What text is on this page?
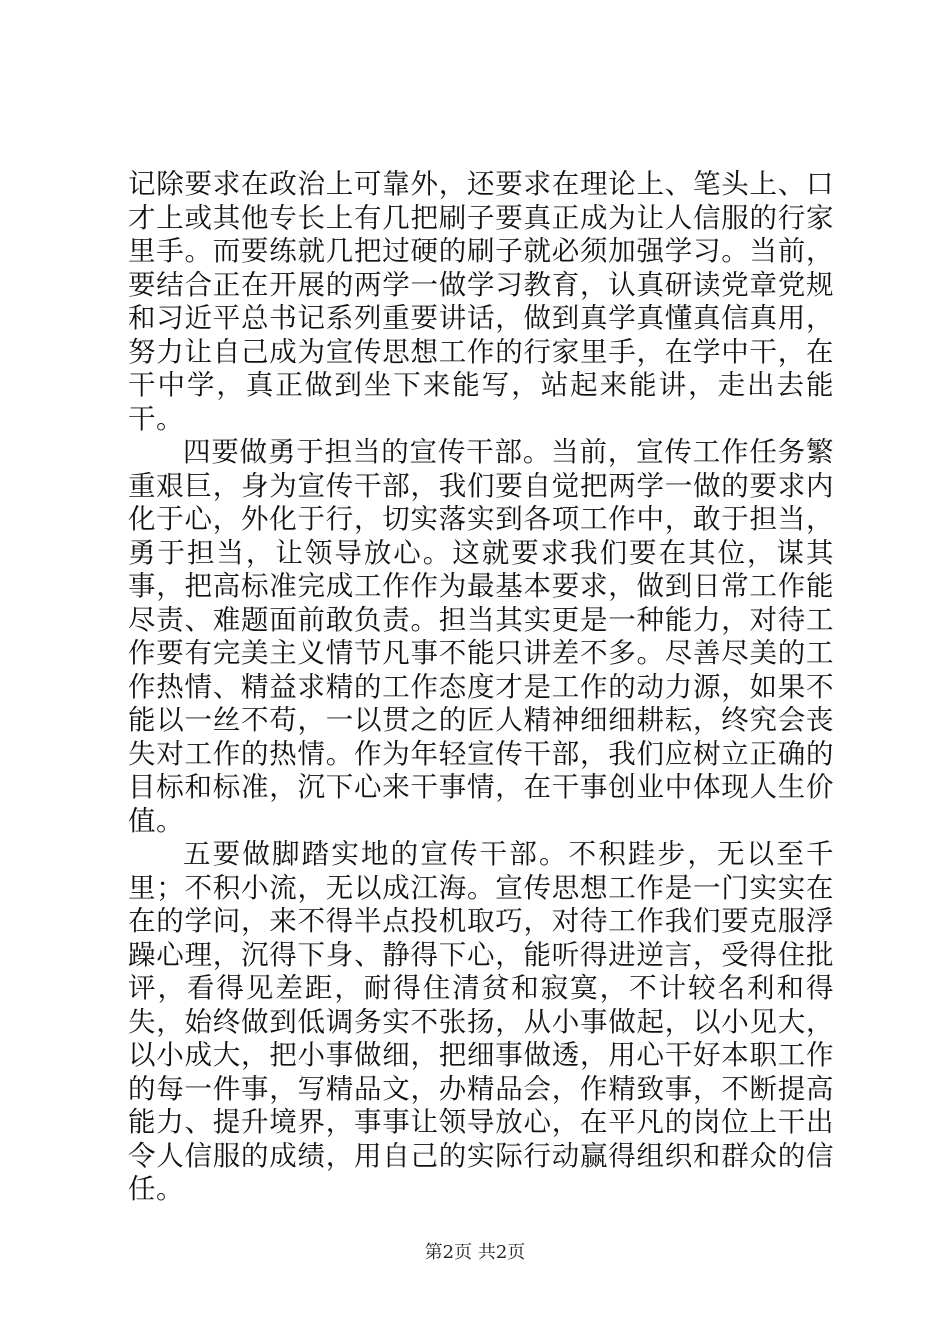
记除要求在政治上可靠外，还要求在理论上、笔头上、口才上或其他专长上有几把刷子要真正成为让人信服的行家里手。而要练就几把过硬的刷子就必须加强学习。当前，要结合正在开展的两学一做学习教育，认真研读党章党规和习近平总书记系列重要讲话，做到真学真懂真信真用，努力让自己成为宣传思想工作的行家里手，在学中干，在干中学，真正做到坐下来能写，站起来能讲，走出去能干。

四要做勇于担当的宣传干部。当前，宣传工作任务繁重艰巨，身为宣传干部，我们要自觉把两学一做的要求内化于心，外化于行，切实落实到各项工作中，敢于担当，勇于担当，让领导放心。这就要求我们要在其位，谋其事，把高标准完成工作作为最基本要求，做到日常工作能尽责、难题面前敢负责。担当其实更是一种能力，对待工作要有完美主义情节凡事不能只讲差不多。尽善尽美的工作热情、精益求精的工作态度才是工作的动力源，如果不能以一丝不苟，一以贯之的匠人精神细细耕耘，终究会丧失对工作的热情。作为年轻宣传干部，我们应树立正确的目标和标准，沉下心来干事情，在干事创业中体现人生价值。

五要做脚踏实地的宣传干部。不积跬步，无以至千里；不积小流，无以成江海。宣传思想工作是一门实实在在的学问，来不得半点投机取巧，对待工作我们要克服浮躁心理，沉得下身、静得下心，能听得进逆言，受得住批评，看得见差距，耐得住清贫和寂寞，不计较名利和得失，始终做到低调务实不张扬，从小事做起，以小见大，以小成大，把小事做细，把细事做透，用心干好本职工作的每一件事，写精品文，办精品会，作精致事，不断提高能力、提升境界，事事让领导放心，在平凡的岗位上干出令人信服的成绩，用自己的实际行动赢得组织和群众的信任。

第2页 共2页
